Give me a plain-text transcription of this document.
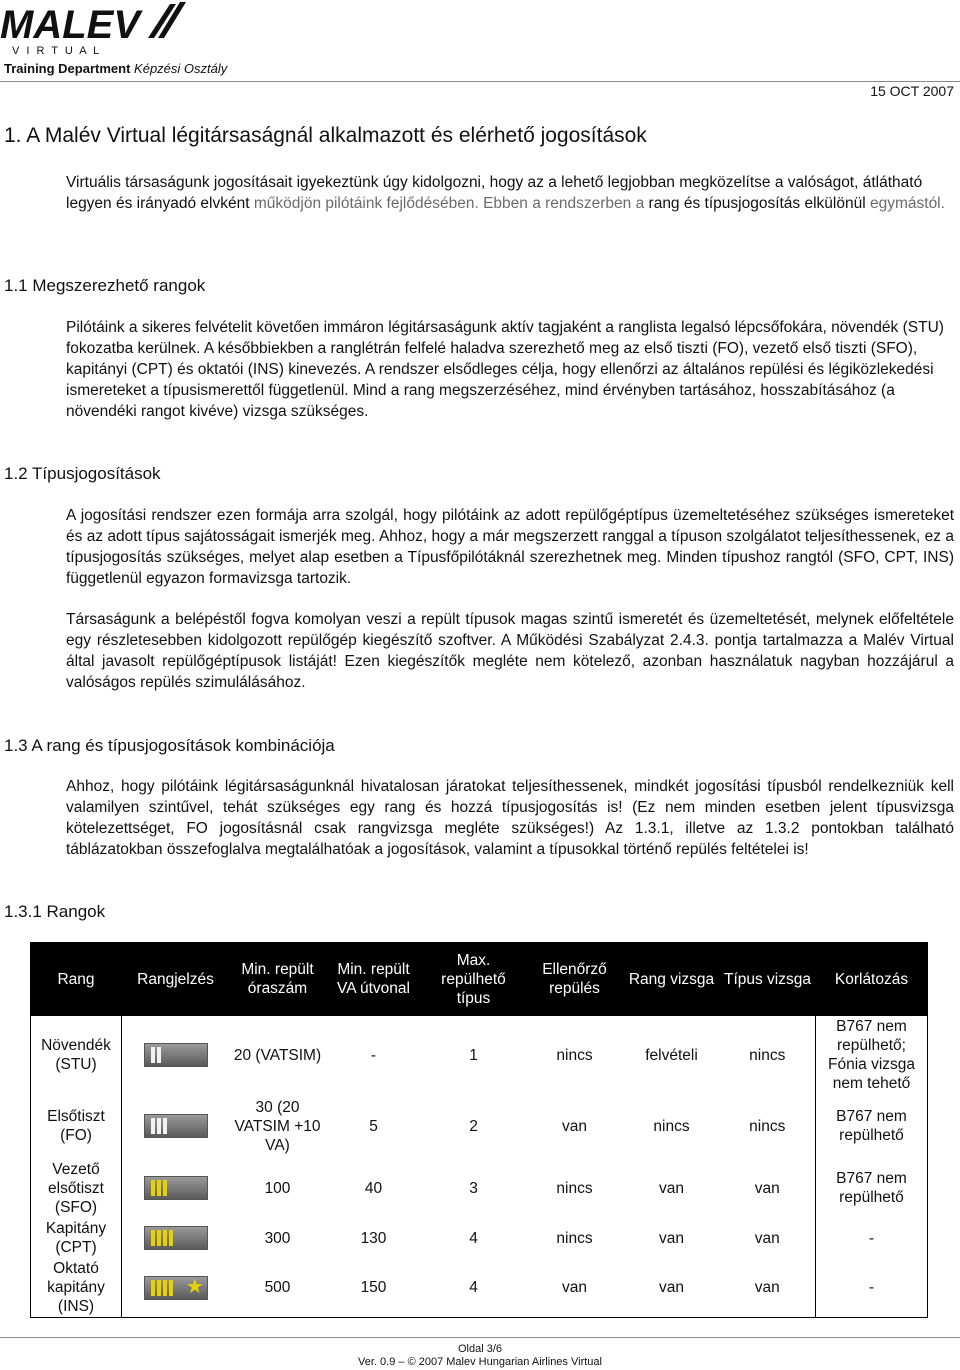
MALEV
V I R T U A L
Training Department Képzési Osztály
15 OCT 2007
1. A Malév Virtual légitársaságnál alkalmazott és elérhető jogosítások

Virtuális társaságunk jogosításait igyekeztünk úgy kidolgozni, hogy az a lehető legjobban megközelítse a valóságot, átlátható legyen és irányadó elvként működjön pilótáink fejlődésében. Ebben a rendszerben a rang és típusjogosítás elkülönül egymástól.

1.1 Megszerezhető rangok

Pilótáink a sikeres felvételit követően immáron légitársaságunk aktív tagjaként a ranglista legalsó lépcsőfokára, növendék (STU) fokozatba kerülnek. A későbbiekben a ranglétrán felfelé haladva szerezhető meg az első tiszti (FO), vezető első tiszti (SFO), kapitányi (CPT) és oktatói (INS) kinevezés. A rendszer elsődleges célja, hogy ellenőrzi az általános repülési és légiközlekedési ismereteket a típusismerettől függetlenül. Mind a rang megszerzéséhez, mind érvényben tartásához, hosszabításához (a növendéki rangot kivéve) vizsga szükséges.

1.2 Típusjogosítások

A jogosítási rendszer ezen formája arra szolgál, hogy pilótáink az adott repülőgéptípus üzemeltetéséhez szükséges ismereteket és az adott típus sajátosságait ismerjék meg. Ahhoz, hogy a már megszerzett ranggal a típuson szolgálatot teljesíthessenek, ez a típusjogosítás szükséges, melyet alap esetben a Típusfőpilótáknál szerezhetnek meg. Minden típushoz rangtól (SFO, CPT, INS) függetlenül egyazon formavizsga tartozik.

Társaságunk a belépéstől fogva komolyan veszi a repült típusok magas szintű ismeretét és üzemeltetését, melynek előfeltétele egy részletesebben kidolgozott repülőgép kiegészítő szoftver. A Működési Szabályzat 2.4.3. pontja tartalmazza a Malév Virtual által javasolt repülőgéptípusok listáját! Ezen kiegészítők megléte nem kötelező, azonban használatuk nagyban hozzájárul a valóságos repülés szimulálásához.

1.3 A rang és típusjogosítások kombinációja

Ahhoz, hogy pilótáink légitársaságunknál hivatalosan járatokat teljesíthessenek, mindkét jogosítási típusból rendelkezniük kell valamilyen szintűvel, tehát szükséges egy rang és hozzá típusjogosítás is! (Ez nem minden esetben jelent típusvizsga kötelezettséget, FO jogosításnál csak rangvizsga megléte szükséges!) Az 1.3.1, illetve az 1.3.2 pontokban található táblázatokban összefoglalva megtalálhatóak a jogosítások, valamint a típusokkal történő repülés feltételei is!

1.3.1 Rangok
Rang	Rangjelzés	Min. repült óraszám	Min. repült VA útvonal	Max. repülhető típus	Ellenőrző repülés	Rang vizsga	Típus vizsga	Korlátozás
Növendék (STU)		20 (VATSIM)	-	1	nincs	felvételi	nincs	B767 nem repülhető; Fónia vizsga nem tehető
Elsőtiszt (FO)		30 (20 VATSIM +10 VA)	5	2	van	nincs	nincs	B767 nem repülhető
Vezető elsőtiszt (SFO)		100	40	3	nincs	van	van	B767 nem repülhető
Kapitány (CPT)		300	130	4	nincs	van	van	-
Oktató kapitány (INS)	★	500	150	4	van	van	van	-
Oldal 3/6
Ver. 0.9 – © 2007 Malev Hungarian Airlines Virtual
